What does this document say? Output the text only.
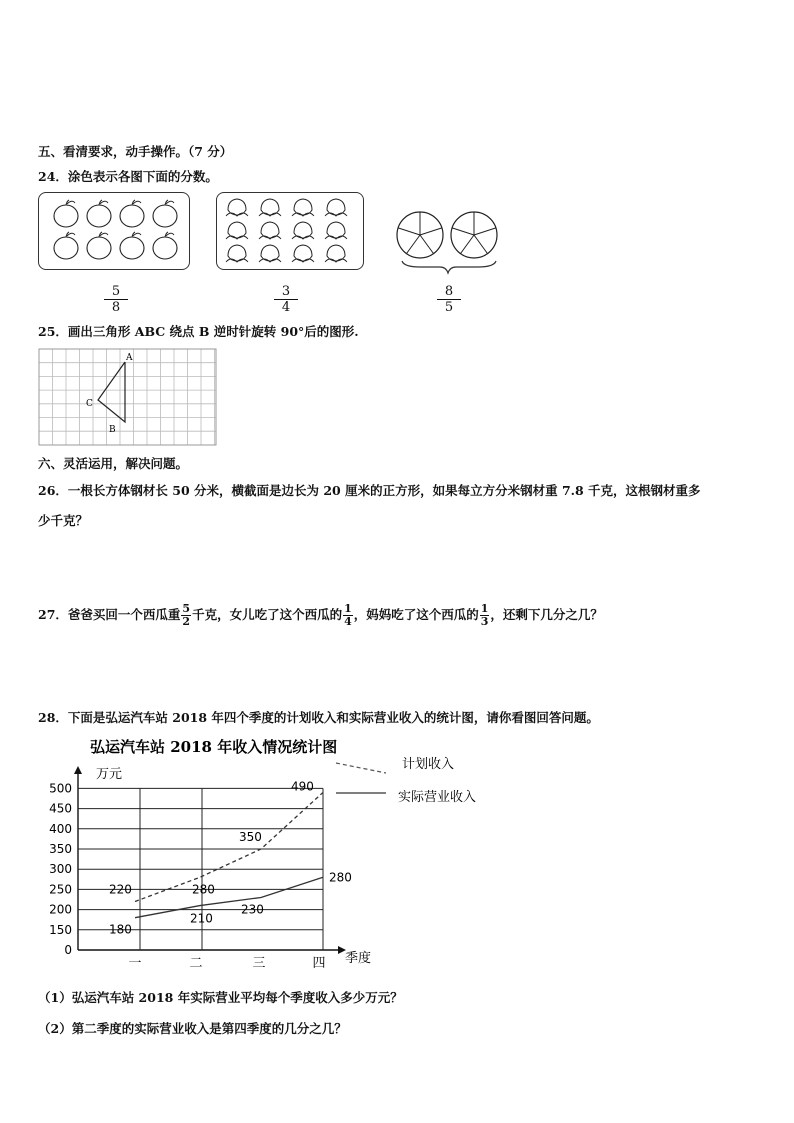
五、看清要求，动手操作。（7 分）
24．涂色表示各图下面的分数。
$\frac{5}{8}$	$\frac{3}{4}$	$\frac{8}{5}$
25．画出三角形 ABC 绕点 B 逆时针旋转 90°后的图形.
A
B
C
六、灵活运用，解决问题。
26．一根长方体钢材长 50 分米，横截面是边长为 20 厘米的正方形，如果每立方分米钢材重 7.8 千克，这根钢材重多
少千克？
27．爸爸买回一个西瓜重 $\frac{5}{2}$ 千克，女儿吃了这个西瓜的 $\frac{1}{4}$ ，妈妈吃了这个西瓜的 $\frac{1}{3}$ ，还剩下几分之几？
28．下面是弘运汽车站 2018 年四个季度的计划收入和实际营业收入的统计图，请你看图回答问题。
弘运汽车站 2018 年收入情况统计图
万元
季度
计划收入
实际营业收入
0
150
200
250
300
350
400
450
500
一	二	三	四
220	280
350
490
180
210
230
280
（1）弘运汽车站 2018 年实际营业平均每个季度收入多少万元？
（2）第二季度的实际营业收入是第四季度的几分之几？
